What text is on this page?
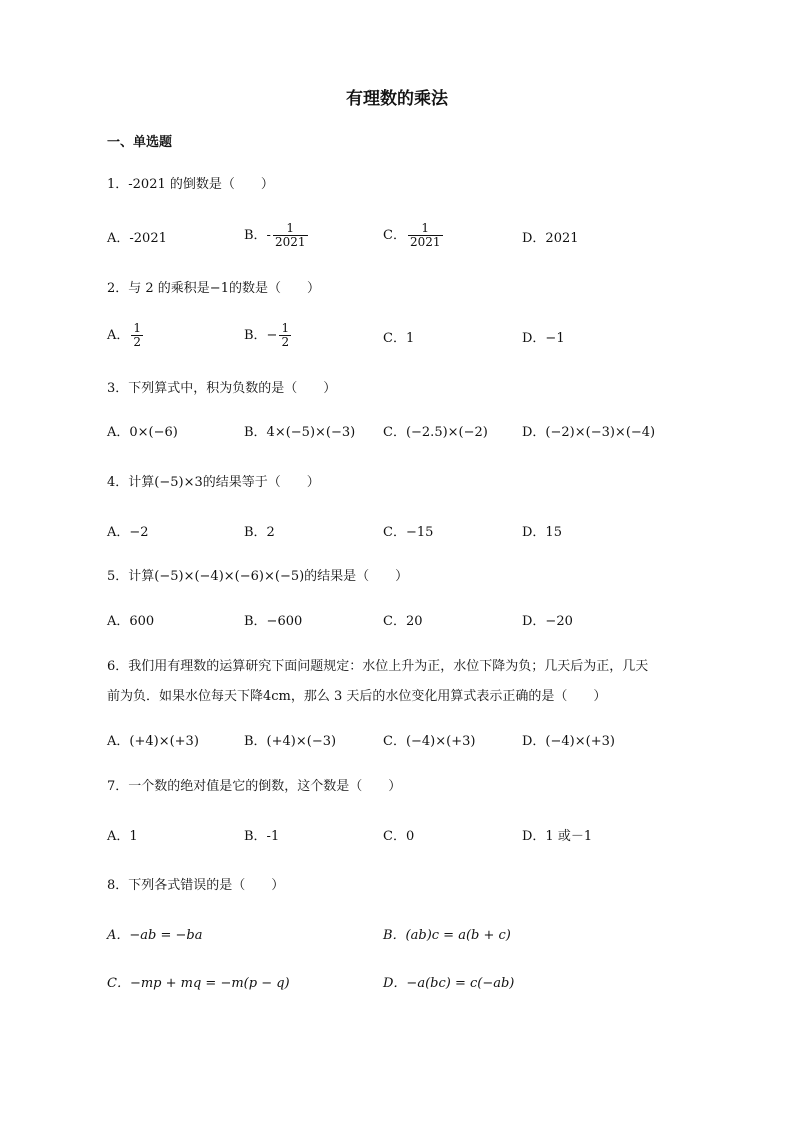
有理数的乘法
一、单选题
1．-2021 的倒数是（　　）
A．-2021	B．- $\frac{1}{2021}$	C． $\frac{1}{2021}$	D．2021
2．与 2 的乘积是−1的数是（　　）
A． $\frac{1}{2}$	B．− $\frac{1}{2}$	C．1	D．−1
3．下列算式中，积为负数的是（　　）
A．0×(−6)	B．4×(−5)×(−3) C．(−2.5)×(−2)	D．(−2)×(−3)×(−4)
4．计算(−5)×3的结果等于（　　）
A．−2	B．2	C．−15	D．15
5．计算(−5)×(−4)×(−6)×(−5)的结果是（　　）
A．600	B．−600	C．20	D．−20
6．我们用有理数的运算研究下面问题规定：水位上升为正，水位下降为负；几天后为正，几天
前为负．如果水位每天下降4cm，那么 3 天后的水位变化用算式表示正确的是（　　）
A．(+4)×(+3)	B．(+4)×(−3)	C．(−4)×(+3)	D．(−4)×(+3)
7．一个数的绝对值是它的倒数，这个数是（　　）
A．1	B．-1	C．0	D．1 或－1
8．下列各式错误的是（　　）
A．−ab = −ba	B．(ab)c = a(b + c)
C．−mp + mq = −m(p − q)	D．−a(bc) = c(−ab)
